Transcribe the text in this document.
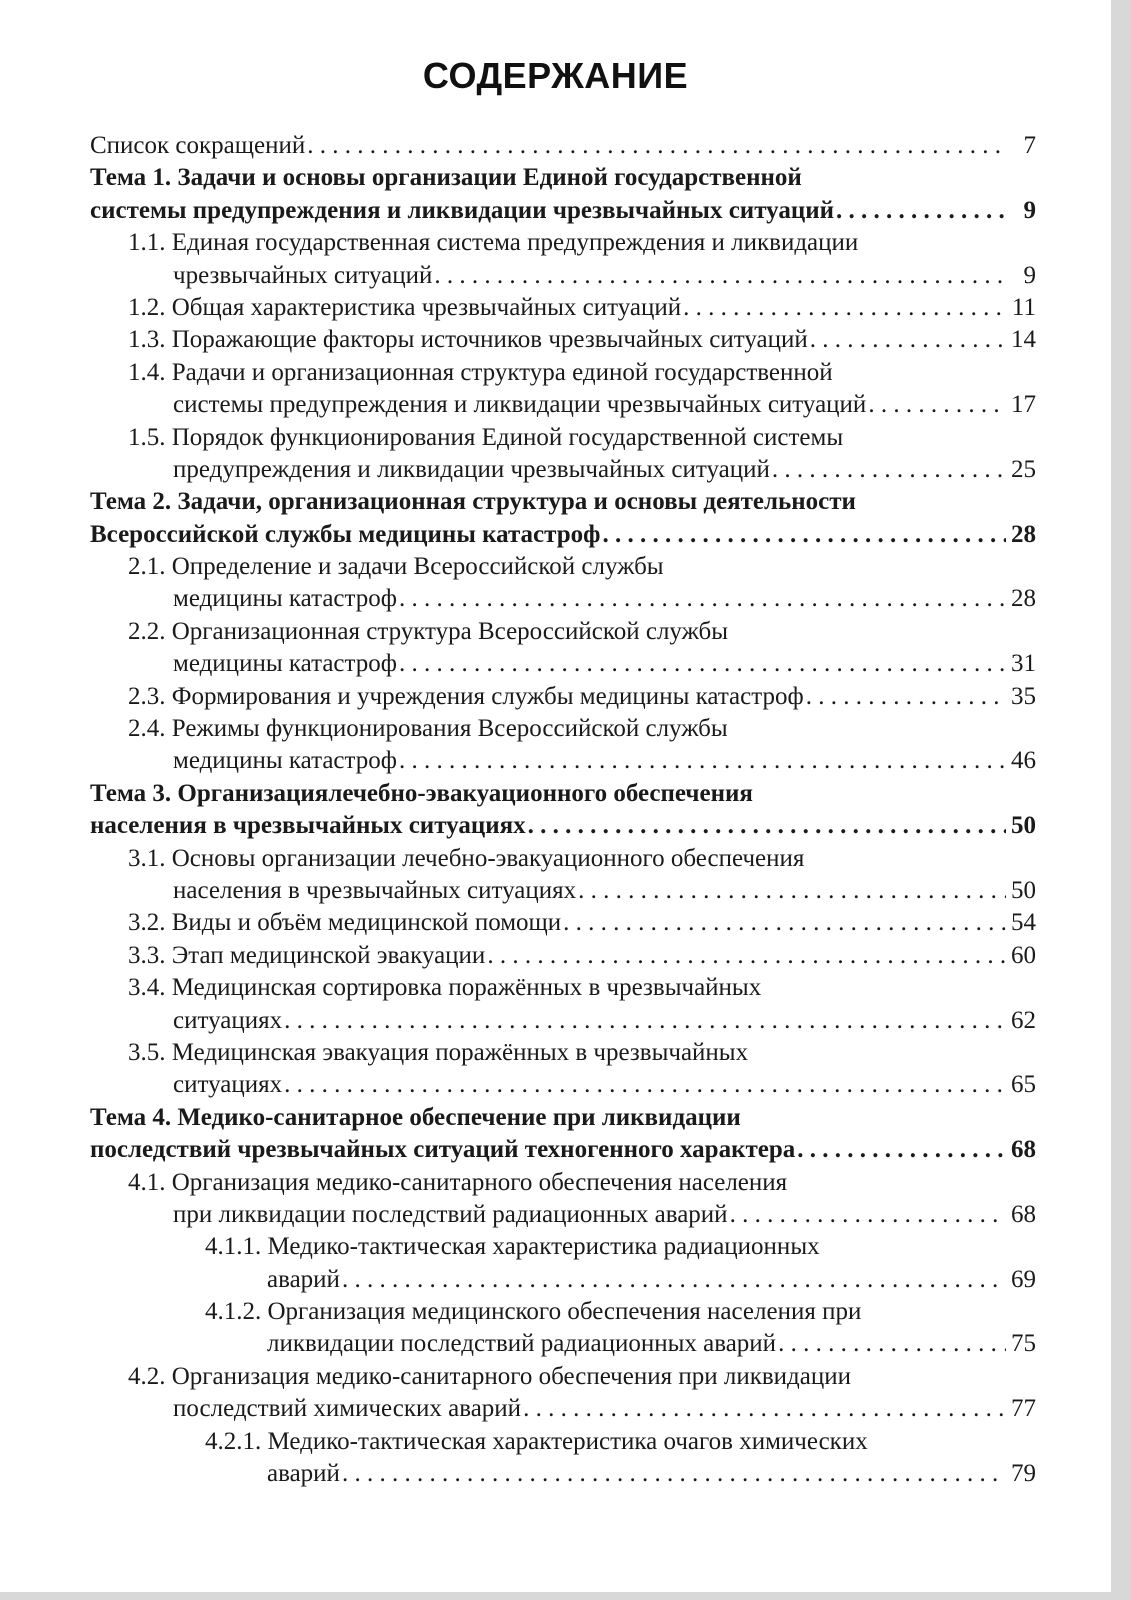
СОДЕРЖАНИЕ
Список сокращений . . .	7
Тема 1. Задачи и основы организации Единой государственной
системы предупреждения и ликвидации чрезвычайных ситуаций . . .	9
1.1. Единая государственная система предупреждения и ликвидации
чрезвычайных ситуаций . . .	9
1.2. Общая характеристика чрезвычайных ситуаций . . .	11
1.3. Поражающие факторы источников чрезвычайных ситуаций . . .	14
1.4. Радачи и организационная структура единой государственной
системы предупреждения и ликвидации чрезвычайных ситуаций . . .	17
1.5. Порядок функционирования Единой государственной системы
предупреждения и ликвидации чрезвычайных ситуаций . . .	25
Тема 2. Задачи, организационная структура и основы деятельности
Всероссийской службы медицины катастроф . . .	28
2.1. Определение и задачи Всероссийской службы
медицины катастроф . . .	28
2.2. Организационная структура Всероссийской службы
медицины катастроф . . .	31
2.3. Формирования и учреждения службы медицины катастроф . . .	35
2.4. Режимы функционирования Всероссийской службы
медицины катастроф . . .	46
Тема 3. Организациялечебно-эвакуационного обеспечения
населения в чрезвычайных ситуациях . . .	50
3.1. Основы организации лечебно-эвакуационного обеспечения
населения в чрезвычайных ситуациях . . .	50
3.2. Виды и объём медицинской помощи . . .	54
3.3. Этап медицинской эвакуации . . .	60
3.4. Медицинская сортировка поражённых в чрезвычайных
ситуациях . . .	62
3.5. Медицинская эвакуация поражённых в чрезвычайных
ситуациях . . .	65
Тема 4. Медико-санитарное обеспечение при ликвидации
последствий чрезвычайных ситуаций техногенного характера . . .	68
4.1. Организация медико-санитарного обеспечения населения
при ликвидации последствий радиационных аварий . . .	68
4.1.1. Медико-тактическая характеристика радиационных
аварий . . .	69
4.1.2. Организация медицинского обеспечения населения при
ликвидации последствий радиационных аварий . . .	75
4.2. Организация медико-санитарного обеспечения при ликвидации
последствий химических аварий . . .	77
4.2.1. Медико-тактическая характеристика очагов химических
аварий . . .	79
